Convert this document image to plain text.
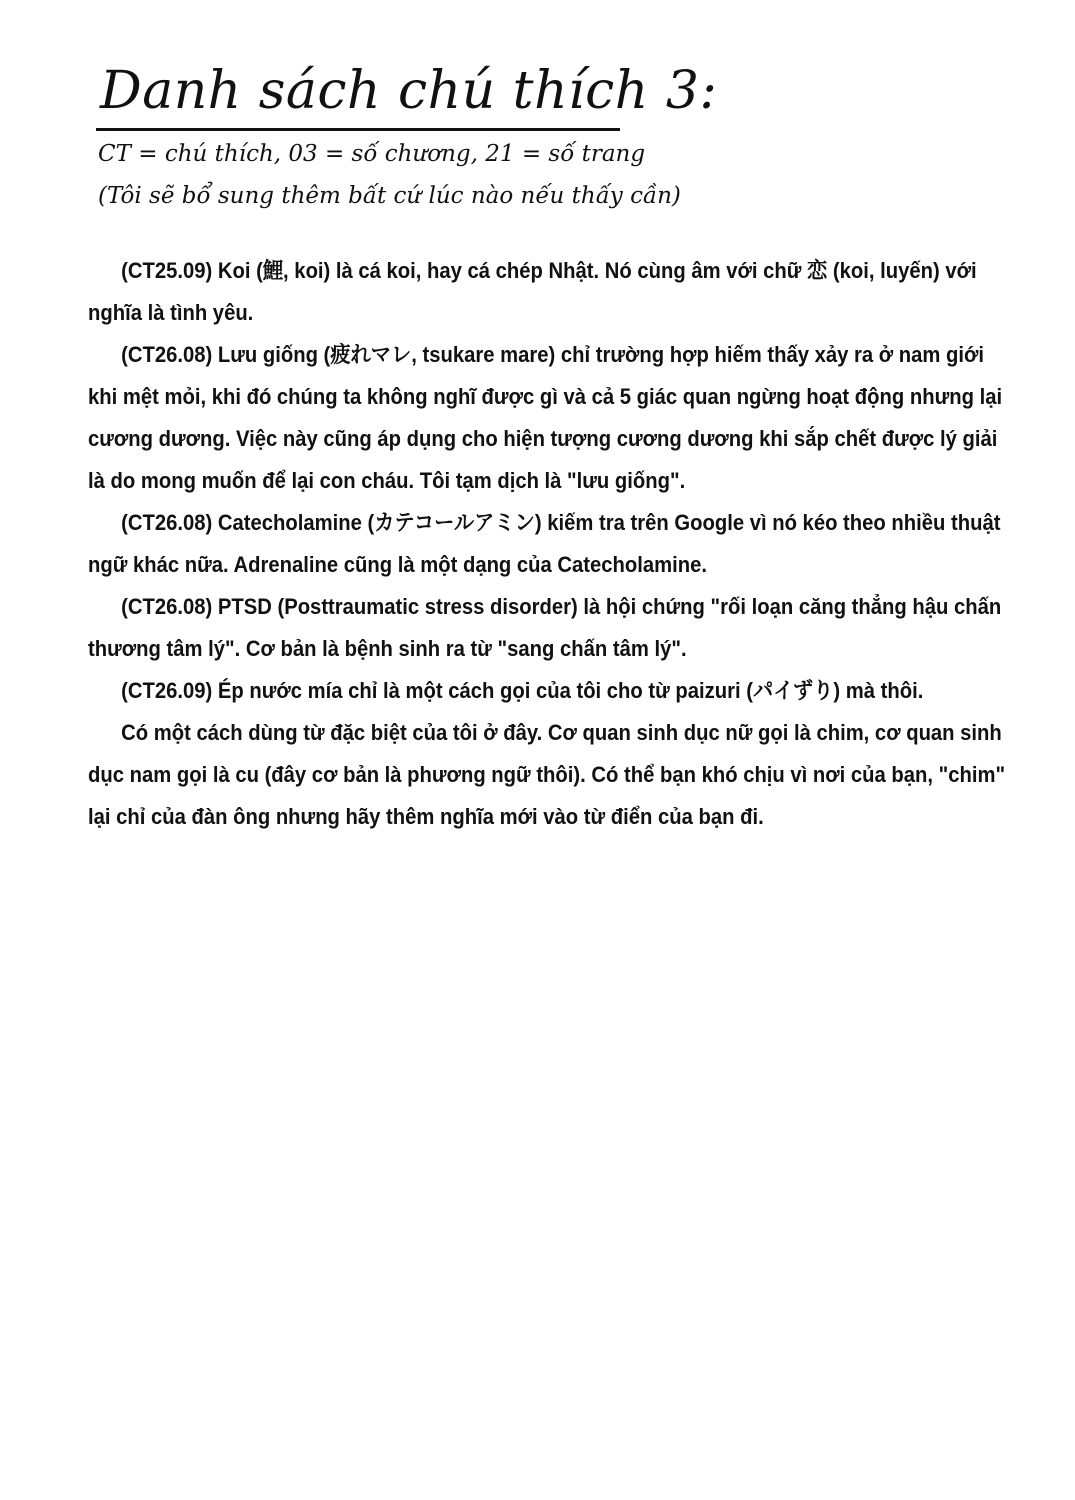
Danh sách chú thích 3:
CT = chú thích, 03 = số chương, 21 = số trang
(Tôi sẽ bổ sung thêm bất cứ lúc nào nếu thấy cần)

(CT25.09) Koi (鯉, koi) là cá koi, hay cá chép Nhật. Nó cùng âm với chữ 恋 (koi, luyến) với nghĩa là tình yêu.

(CT26.08) Lưu giống (疲れマレ, tsukare mare) chỉ trường hợp hiếm thấy xảy ra ở nam giới khi mệt mỏi, khi đó chúng ta không nghĩ được gì và cả 5 giác quan ngừng hoạt động nhưng lại cương dương. Việc này cũng áp dụng cho hiện tượng cương dương khi sắp chết được lý giải là do mong muốn để lại con cháu. Tôi tạm dịch là "lưu giống".

(CT26.08) Catecholamine (カテコールアミン) kiếm tra trên Google vì nó kéo theo nhiều thuật ngữ khác nữa. Adrenaline cũng là một dạng của Catecholamine.

(CT26.08) PTSD (Posttraumatic stress disorder) là hội chứng "rối loạn căng thẳng hậu chấn thương tâm lý". Cơ bản là bệnh sinh ra từ "sang chấn tâm lý".

(CT26.09) Ép nước mía chỉ là một cách gọi của tôi cho từ paizuri (パイずり) mà thôi.

Có một cách dùng từ đặc biệt của tôi ở đây. Cơ quan sinh dục nữ gọi là chim, cơ quan sinh dục nam gọi là cu (đây cơ bản là phương ngữ thôi). Có thể bạn khó chịu vì nơi của bạn, "chim" lại chỉ của đàn ông nhưng hãy thêm nghĩa mới vào từ điển của bạn đi.
